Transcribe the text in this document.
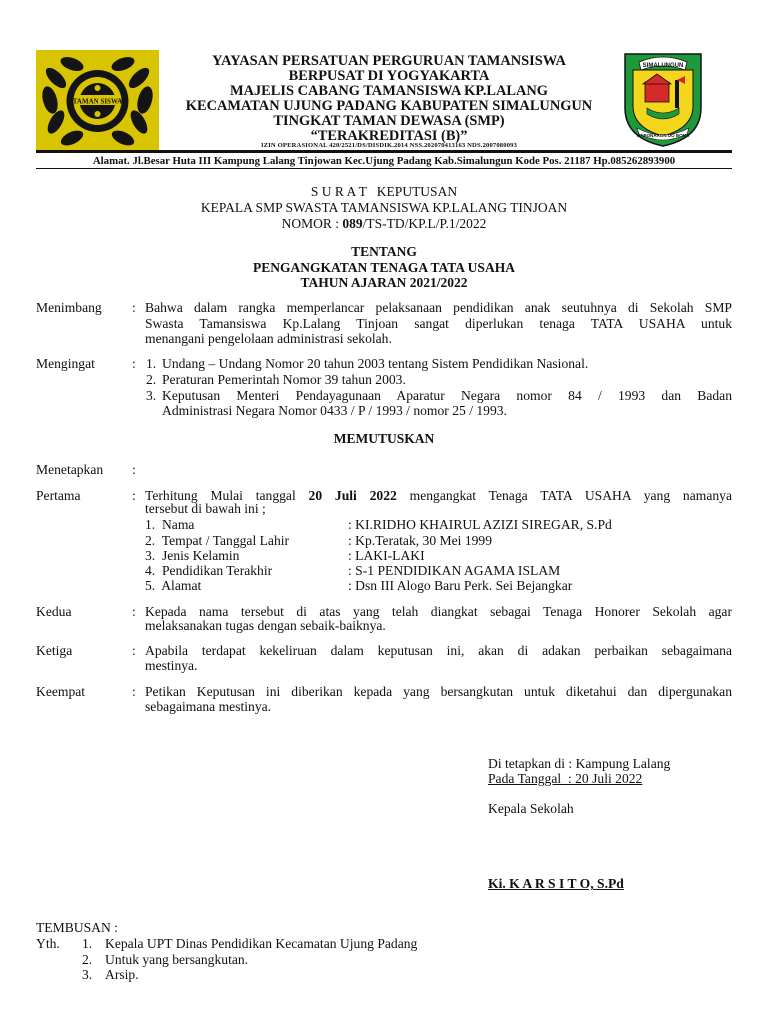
TAMAN SISWA
YAYASAN PERSATUAN PERGURUAN TAMANSISWA
BERPUSAT DI YOGYAKARTA
MAJELIS CABANG TAMANSISWA KP.LALANG
KECAMATAN UJUNG PADANG KABUPATEN SIMALUNGUN
TINGKAT TAMAN DEWASA (SMP)
“TERAKREDITASI (B)”
IZIN OPERASIONAL 420/2521/DS/DISDIK.2014 NSS.202070413163 NDS.2007080093
SIMALUNGUN
HABONARON DO BONA
Alamat. Jl.Besar Huta III Kampung Lalang Tinjowan Kec.Ujung Padang Kab.Simalungun Kode Pos. 21187 Hp.085262893900
S U R A T   KEPUTUSAN
KEPALA SMP SWASTA TAMANSISWA KP.LALANG TINJOAN
NOMOR : 089/TS-TD/KP.L/P.1/2022
TENTANG
PENGANGKATAN TENAGA TATA USAHA
TAHUN AJARAN 2021/2022
Menimbang : Bahwa dalam rangka memperlancar pelaksanaan pendidikan anak seutuhnya di Sekolah SMP
Swasta Tamansiswa Kp.Lalang Tinjoan sangat diperlukan tenaga TATA USAHA untuk
menangani pengelolaan administrasi sekolah.
Mengingat	: 1. Undang – Undang Nomor 20 tahun 2003 tentang Sistem Pendidikan Nasional.
2. Peraturan Pemerintah Nomor 39 tahun 2003.
3. Keputusan Menteri Pendayagunaan Aparatur Negara nomor 84 / 1993 dan Badan
Administrasi Negara Nomor 0433 / P / 1993 / nomor 25 / 1993.
MEMUTUSKAN
Menetapkan :
Pertama	: Terhitung Mulai tanggal 20 Juli 2022 mengangkat Tenaga TATA USAHA yang namanya
tersebut di bawah ini ;
1.  Nama	: KI.RIDHO KHAIRUL AZIZI SIREGAR, S.Pd
2.  Tempat / Tanggal Lahir	: Kp.Teratak, 30 Mei 1999
3.  Jenis Kelamin	: LAKI-LAKI
4.  Pendidikan Terakhir	: S-1 PENDIDIKAN AGAMA ISLAM
5.  Alamat	: Dsn III Alogo Baru Perk. Sei Bejangkar
Kedua	: Kepada nama tersebut di atas yang telah diangkat sebagai Tenaga Honorer Sekolah agar
melaksanakan tugas dengan sebaik-baiknya.
Ketiga	: Apabila terdapat kekeliruan dalam keputusan ini, akan di adakan perbaikan sebagaimana
mestinya.
Keempat	: Petikan Keputusan ini diberikan kepada yang bersangkutan untuk diketahui dan dipergunakan
sebagaimana mestinya.
Di tetapkan di : Kampung Lalang
Pada Tanggal  : 20 Juli 2022
Kepala Sekolah
Ki. K A R S I T O, S.Pd
TEMBUSAN :
Yth. 1. Kepala UPT Dinas Pendidikan Kecamatan Ujung Padang
2. Untuk yang bersangkutan.
3. Arsip.
